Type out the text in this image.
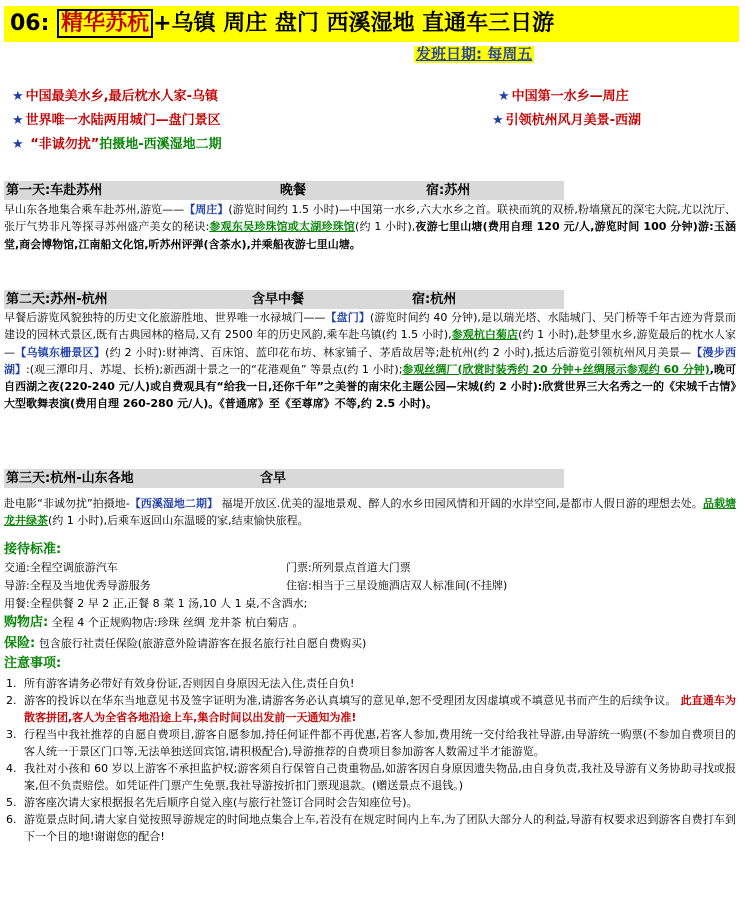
06: 精华苏杭 +乌镇 周庄 盘门 西溪湿地 直通车三日游
发班日期: 每周五
★ 中国最美水乡,最后枕水人家-乌镇
★ 世界唯一水陆两用城门—盘门景区
★ “非诚勿扰”拍摄地-西溪湿地二期
★ 中国第一水乡—周庄
★ 引领杭州风月美景-西湖
第一天:车赴苏州	晚餐	宿:苏州
早山东各地集合乘车赴苏州,游览——【周庄】(游览时间约 1.5 小时)—中国第一水乡,六大水乡之首。联袂而筑的双桥,粉墙黛瓦的深宅大院,尤以沈厅、张厅气势非凡等探寻苏州盛产美女的秘诀:参观东吴珍珠馆或太湖珍珠馆(约 1 小时),夜游七里山塘(费用自理 120 元/人,游览时间 100 分钟)游:玉涵堂,商会博物馆,江南船文化馆,听苏州评弹(含茶水),并乘船夜游七里山塘。
第二天:苏州-杭州	含早中餐	宿:杭州
早餐后游览风貌独特的历史文化旅游胜地、世界唯一水禄城门——【盘门】(游览时间约 40 分钟),是以瑞光塔、水陆城门、吴门桥等千年古迹为背景而建设的园林式景区,既有古典园林的格局,又有 2500 年的历史风韵,乘车赴乌镇(约 1.5 小时),参观杭白菊店(约 1 小时),赴梦里水乡,游览最后的枕水人家—【乌镇东栅景区】(约 2 小时):财神湾、百床馆、蓝印花布坊、林家铺子、茅盾故居等;赴杭州(约 2 小时),抵达后游览引领杭州风月美景—【漫步西湖】:(观三潭印月、苏堤、长桥);新西湖十景之一的“花港观鱼” 等景点(约 1 小时);参观丝绸厂(欣赏时装秀约 20 分钟+丝绸展示参观约 60 分钟),晚可自西湖之夜(220-240 元/人)或自费观具有“给我一日,还你千年”之美誉的南宋化主题公园—宋城(约 2 小时):欣赏世界三大名秀之一的《宋城千古情》大型歌舞表演(费用自理 260-280 元/人)。《普通席》至《至尊席》不等,约 2.5 小时)。
第三天:杭州-山东各地	含早
赴电影“非诚勿扰”拍摄地-【西溪湿地二期】 福堤开放区.优美的湿地景观、醉人的水乡田园风情和开阔的水岸空间,是都市人假日游的理想去处。品载塘龙井绿茶(约 1 小时),后乘车返回山东温暖的家,结束愉快旅程。
接待标准:
交通:全程空调旅游汽车	门票:所列景点首道大门票
导游:全程及当地优秀导游服务	住宿:相当于三星设施酒店双人标准间(不挂牌)
用餐:全程供餐 2 早 2 正,正餐 8 菜 1 汤,10 人 1 桌,不含酒水;
购物店: 全程 4 个正规购物店:珍珠 丝绸 龙井茶 杭白菊店 。
保险: 包含旅行社责任保险(旅游意外险请游客在报名旅行社自愿自费购买)
注意事项:
1. 所有游客请务必带好有效身份证,否则因自身原因无法入住,责任自负!
2. 游客的投诉以在华东当地意见书及签字证明为准,请游客务必认真填写的意见单,恕不受理团友因虚填或不填意见书而产生的后续争议。 此直通车为散客拼团,客人为全省各地沿途上车,集合时间以出发前一天通知为准!
3. 行程当中我社推荐的自愿自费项目,游客自愿参加,持任何证件都不再优惠,若客人参加,费用统一交付给我社导游,由导游统一购票(不参加自费项目的客人统一于景区门口等,无法单独送回宾馆,请积极配合),导游推荐的自费项目参加游客人数需过半才能游览。
4. 我社对小孩和 60 岁以上游客不承担监护权;游客须自行保管自己贵重物品,如游客因自身原因遗失物品,由自身负责,我社及导游有义务协助寻找或报案,但不负责赔偿。如凭证件门票产生免票,我社导游按折扣门票现退款。(赠送景点不退钱。)
5. 游客座次请大家根据报名先后顺序自觉入座(与旅行社签订合同时会告知座位号)。
6. 游览景点时间,请大家自觉按照导游规定的时间地点集合上车,若没有在规定时间内上车,为了团队大部分人的利益,导游有权要求迟到游客自费打车到下一个目的地!谢谢您的配合!
